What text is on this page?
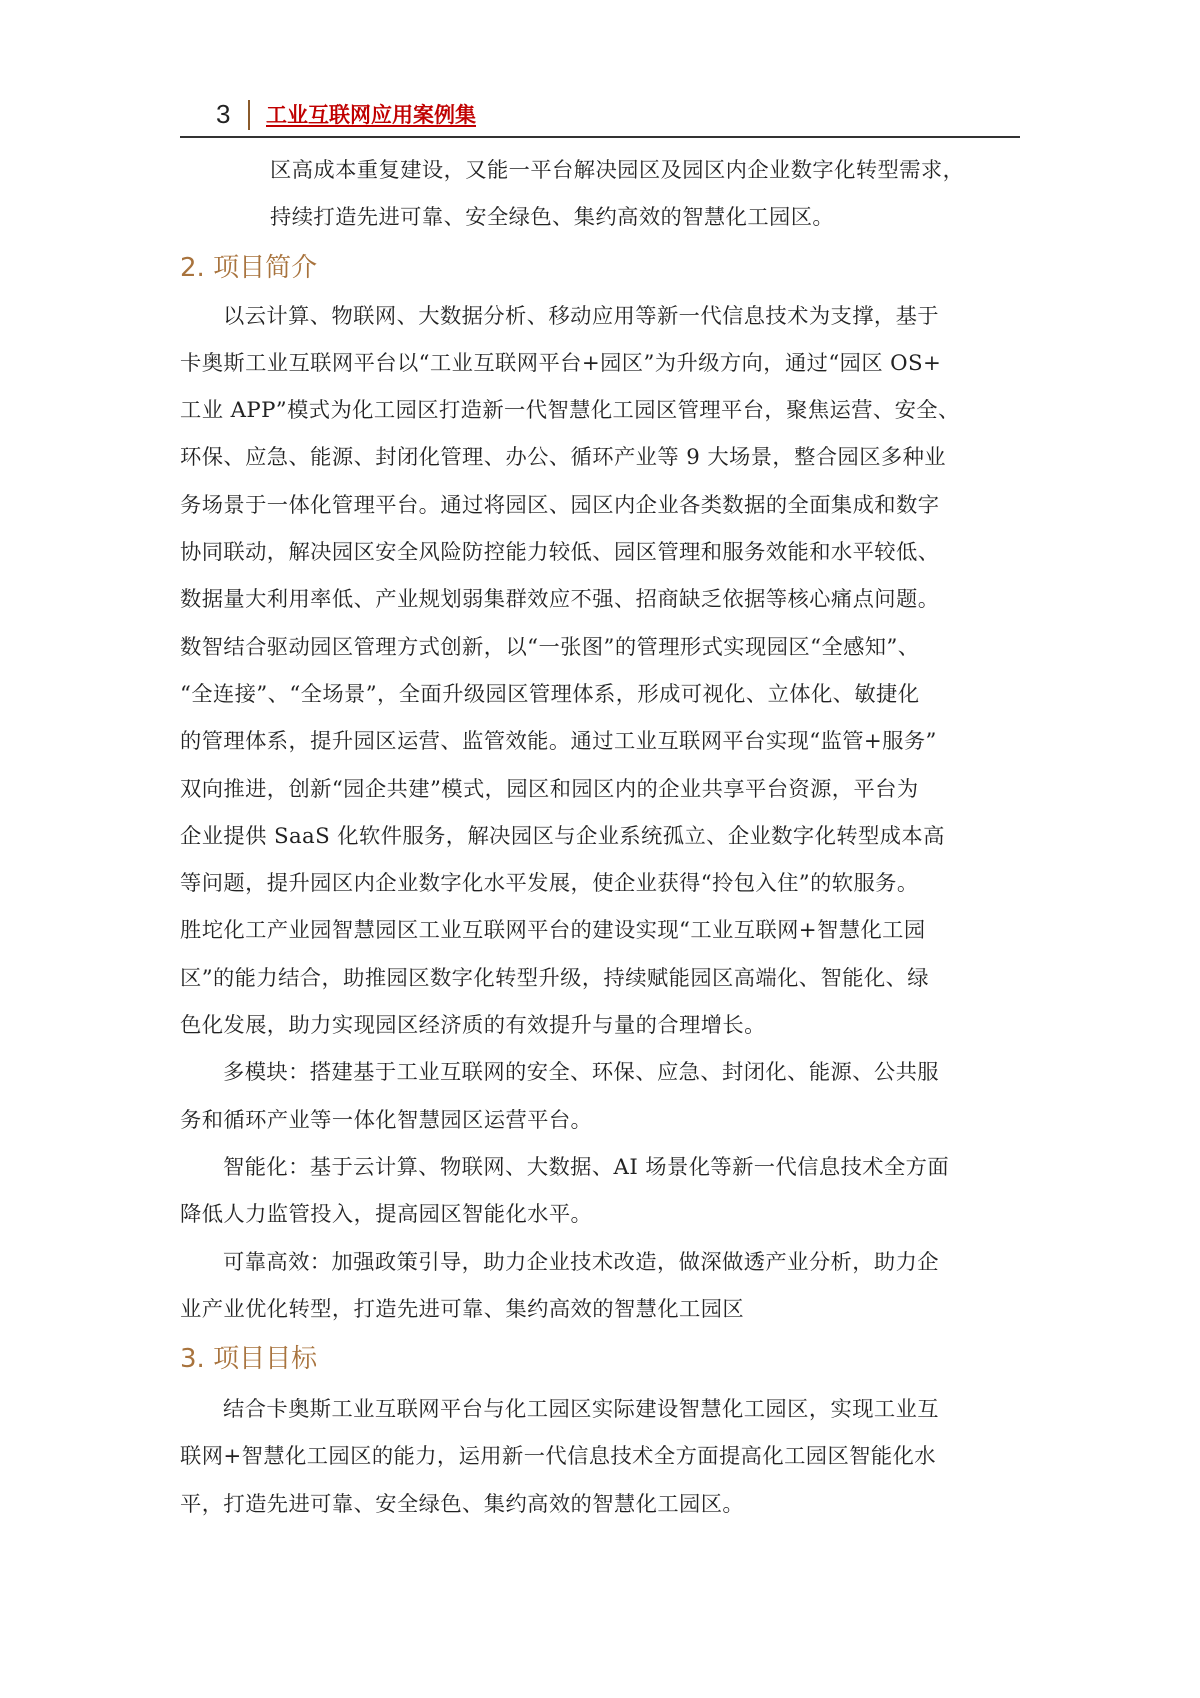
3 工业互联网应用案例集

区高成本重复建设，又能一平台解决园区及园区内企业数字化转型需求，
持续打造先进可靠、安全绿色、集约高效的智慧化工园区。

2. 项目简介

以云计算、物联网、大数据分析、移动应用等新一代信息技术为支撑，基于
卡奥斯工业互联网平台以“工业互联网平台+园区”为升级方向，通过“园区 OS+
工业 APP”模式为化工园区打造新一代智慧化工园区管理平台，聚焦运营、安全、
环保、应急、能源、封闭化管理、办公、循环产业等 9 大场景，整合园区多种业
务场景于一体化管理平台。通过将园区、园区内企业各类数据的全面集成和数字
协同联动，解决园区安全风险防控能力较低、园区管理和服务效能和水平较低、
数据量大利用率低、产业规划弱集群效应不强、招商缺乏依据等核心痛点问题。
数智结合驱动园区管理方式创新，以“一张图”的管理形式实现园区“全感知”、
“全连接”、“全场景”，全面升级园区管理体系，形成可视化、立体化、敏捷化
的管理体系，提升园区运营、监管效能。通过工业互联网平台实现“监管+服务”
双向推进，创新“园企共建”模式，园区和园区内的企业共享平台资源，平台为
企业提供 SaaS 化软件服务，解决园区与企业系统孤立、企业数字化转型成本高
等问题，提升园区内企业数字化水平发展，使企业获得“拎包入住”的软服务。
胜坨化工产业园智慧园区工业互联网平台的建设实现“工业互联网+智慧化工园
区”的能力结合，助推园区数字化转型升级，持续赋能园区高端化、智能化、绿
色化发展，助力实现园区经济质的有效提升与量的合理增长。

多模块：搭建基于工业互联网的安全、环保、应急、封闭化、能源、公共服
务和循环产业等一体化智慧园区运营平台。

智能化：基于云计算、物联网、大数据、AI 场景化等新一代信息技术全方面
降低人力监管投入，提高园区智能化水平。

可靠高效：加强政策引导，助力企业技术改造，做深做透产业分析，助力企
业产业优化转型，打造先进可靠、集约高效的智慧化工园区

3. 项目目标

结合卡奥斯工业互联网平台与化工园区实际建设智慧化工园区，实现工业互
联网+智慧化工园区的能力，运用新一代信息技术全方面提高化工园区智能化水
平，打造先进可靠、安全绿色、集约高效的智慧化工园区。
